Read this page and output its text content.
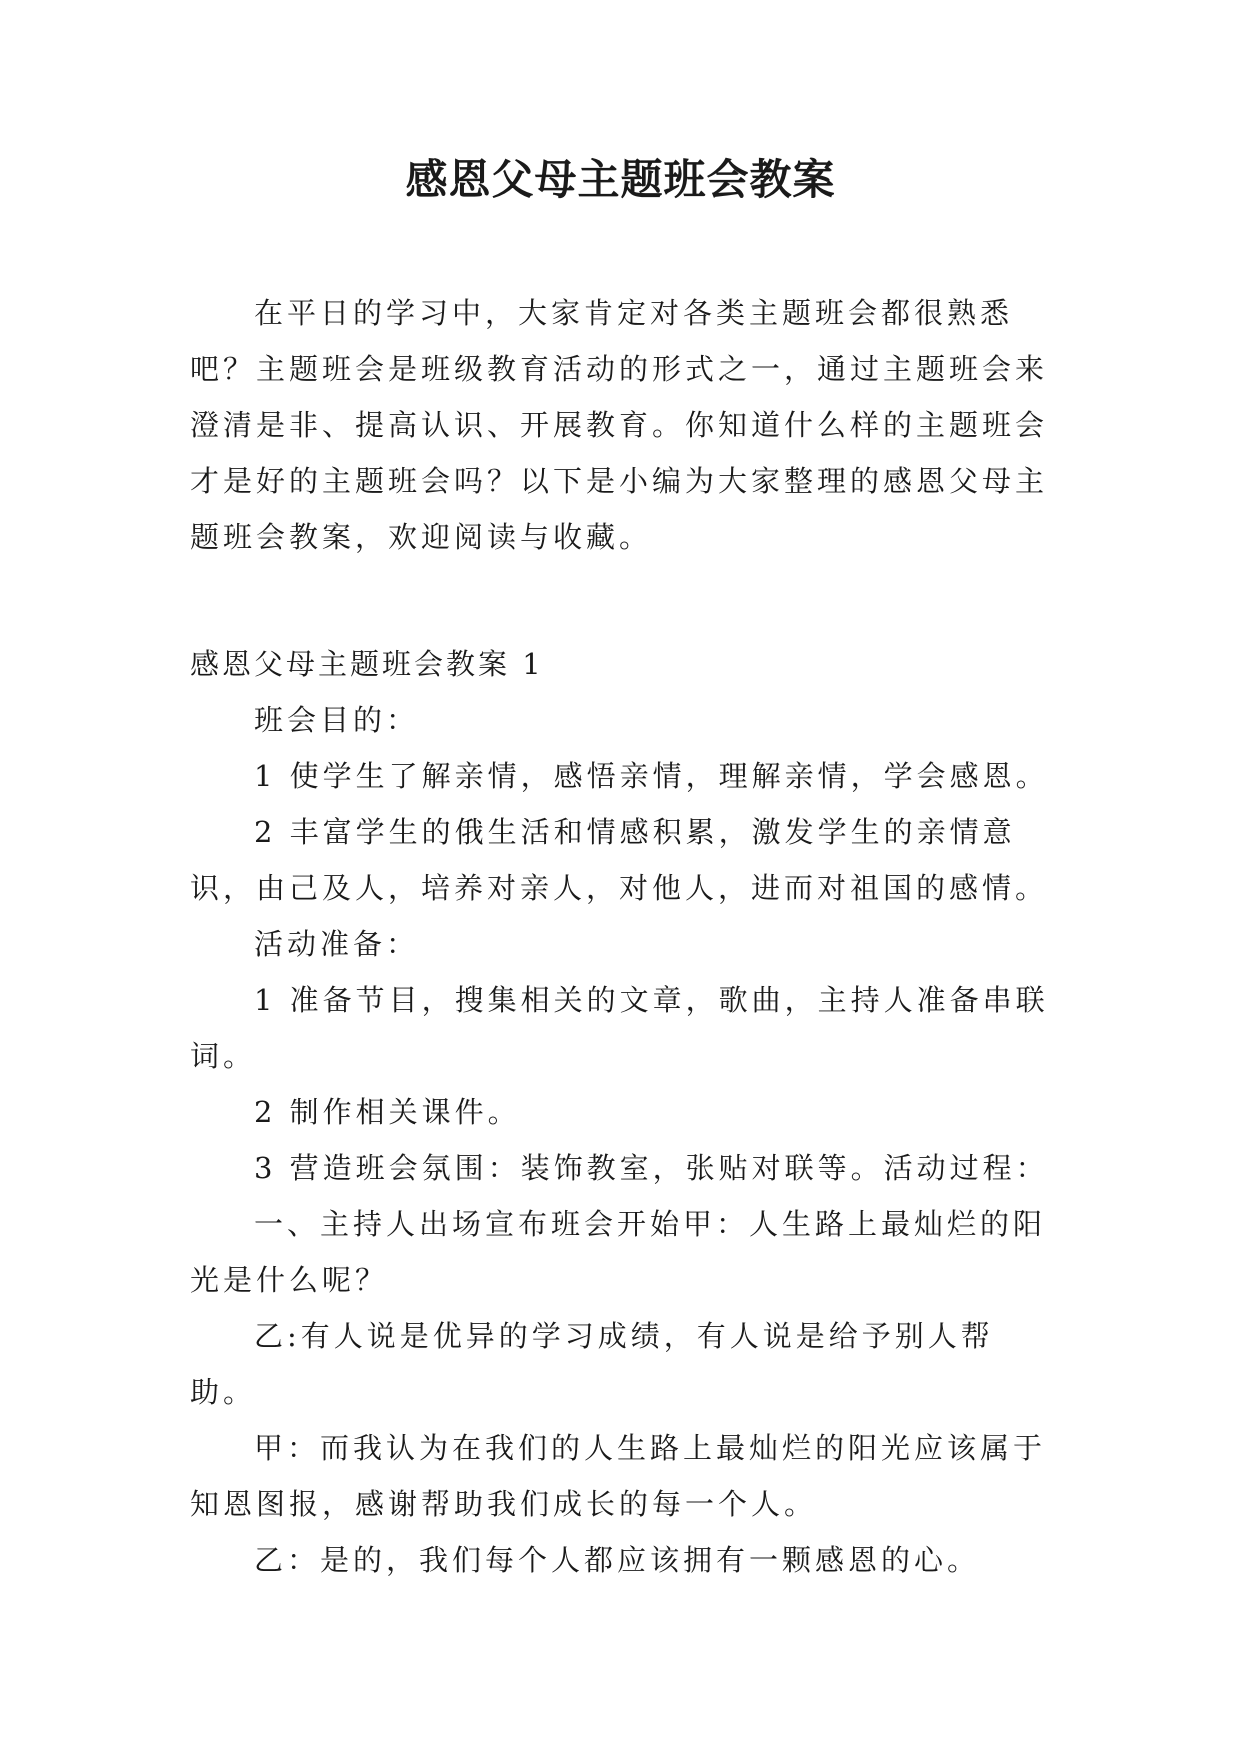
感恩父母主题班会教案

在平日的学习中，大家肯定对各类主题班会都很熟悉吧？主题班会是班级教育活动的形式之一，通过主题班会来澄清是非、提高认识、开展教育。你知道什么样的主题班会才是好的主题班会吗？以下是小编为大家整理的感恩父母主题班会教案，欢迎阅读与收藏。

感恩父母主题班会教案 1

班会目的：

1 使学生了解亲情，感悟亲情，理解亲情，学会感恩。

2 丰富学生的俄生活和情感积累，激发学生的亲情意识，由己及人，培养对亲人，对他人，进而对祖国的感情。

活动准备：

1 准备节目，搜集相关的文章，歌曲，主持人准备串联词。

2 制作相关课件。

3 营造班会氛围：装饰教室，张贴对联等。活动过程：

一、主持人出场宣布班会开始甲：人生路上最灿烂的阳光是什么呢？

乙:有人说是优异的学习成绩，有人说是给予别人帮助。

甲：而我认为在我们的人生路上最灿烂的阳光应该属于知恩图报，感谢帮助我们成长的每一个人。

乙：是的，我们每个人都应该拥有一颗感恩的心。
